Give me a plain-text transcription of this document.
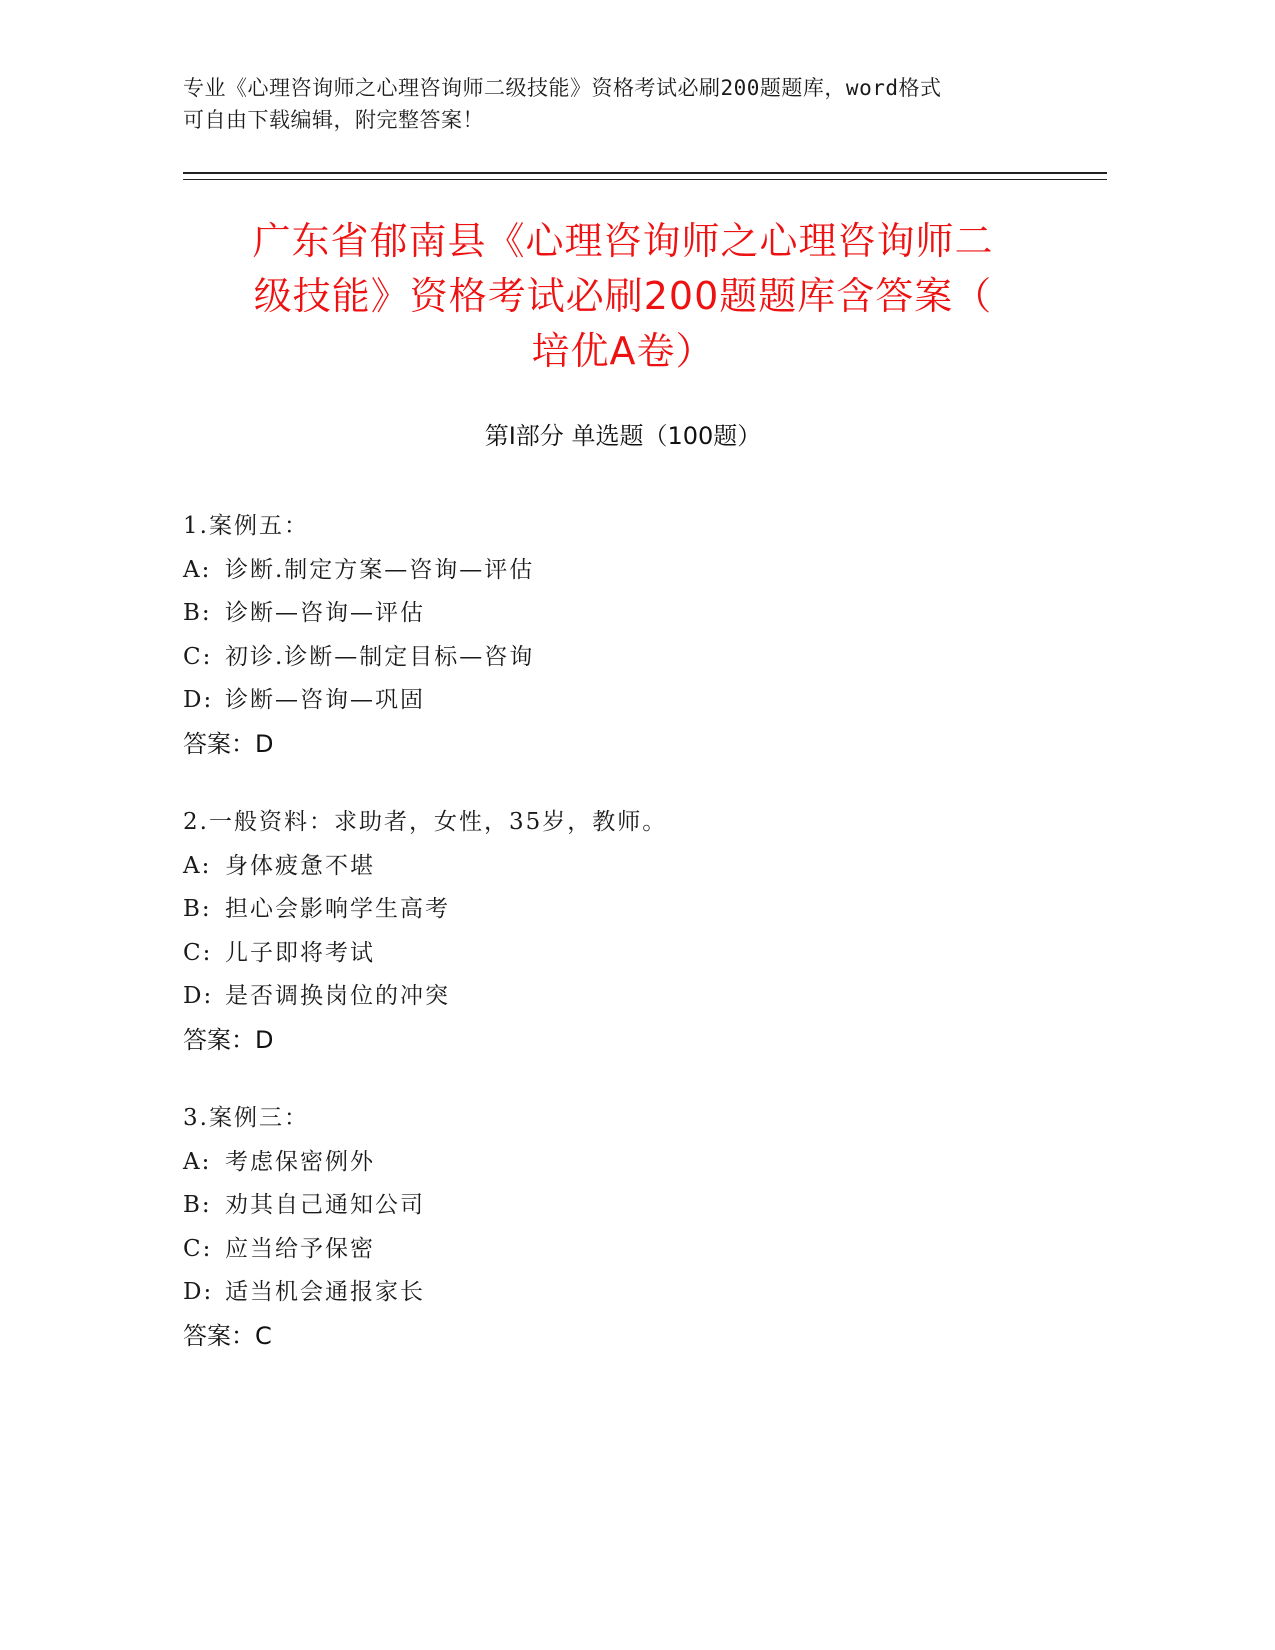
专业《心理咨询师之心理咨询师二级技能》资格考试必刷200题题库，word格式
可自由下载编辑，附完整答案！
广东省郁南县《心理咨询师之心理咨询师二
级技能》资格考试必刷200题题库含答案（
培优A卷）
第I部分 单选题（100题）
1.案例五：
A: 诊断.制定方案—咨询—评估
B: 诊断—咨询—评估
C: 初诊.诊断—制定目标—咨询
D: 诊断—咨询—巩固
答案：D
2.一般资料：求助者，女性，35岁，教师。
A: 身体疲惫不堪
B: 担心会影响学生高考
C: 儿子即将考试
D: 是否调换岗位的冲突
答案：D
3.案例三：
A: 考虑保密例外
B: 劝其自己通知公司
C: 应当给予保密
D: 适当机会通报家长
答案：C
